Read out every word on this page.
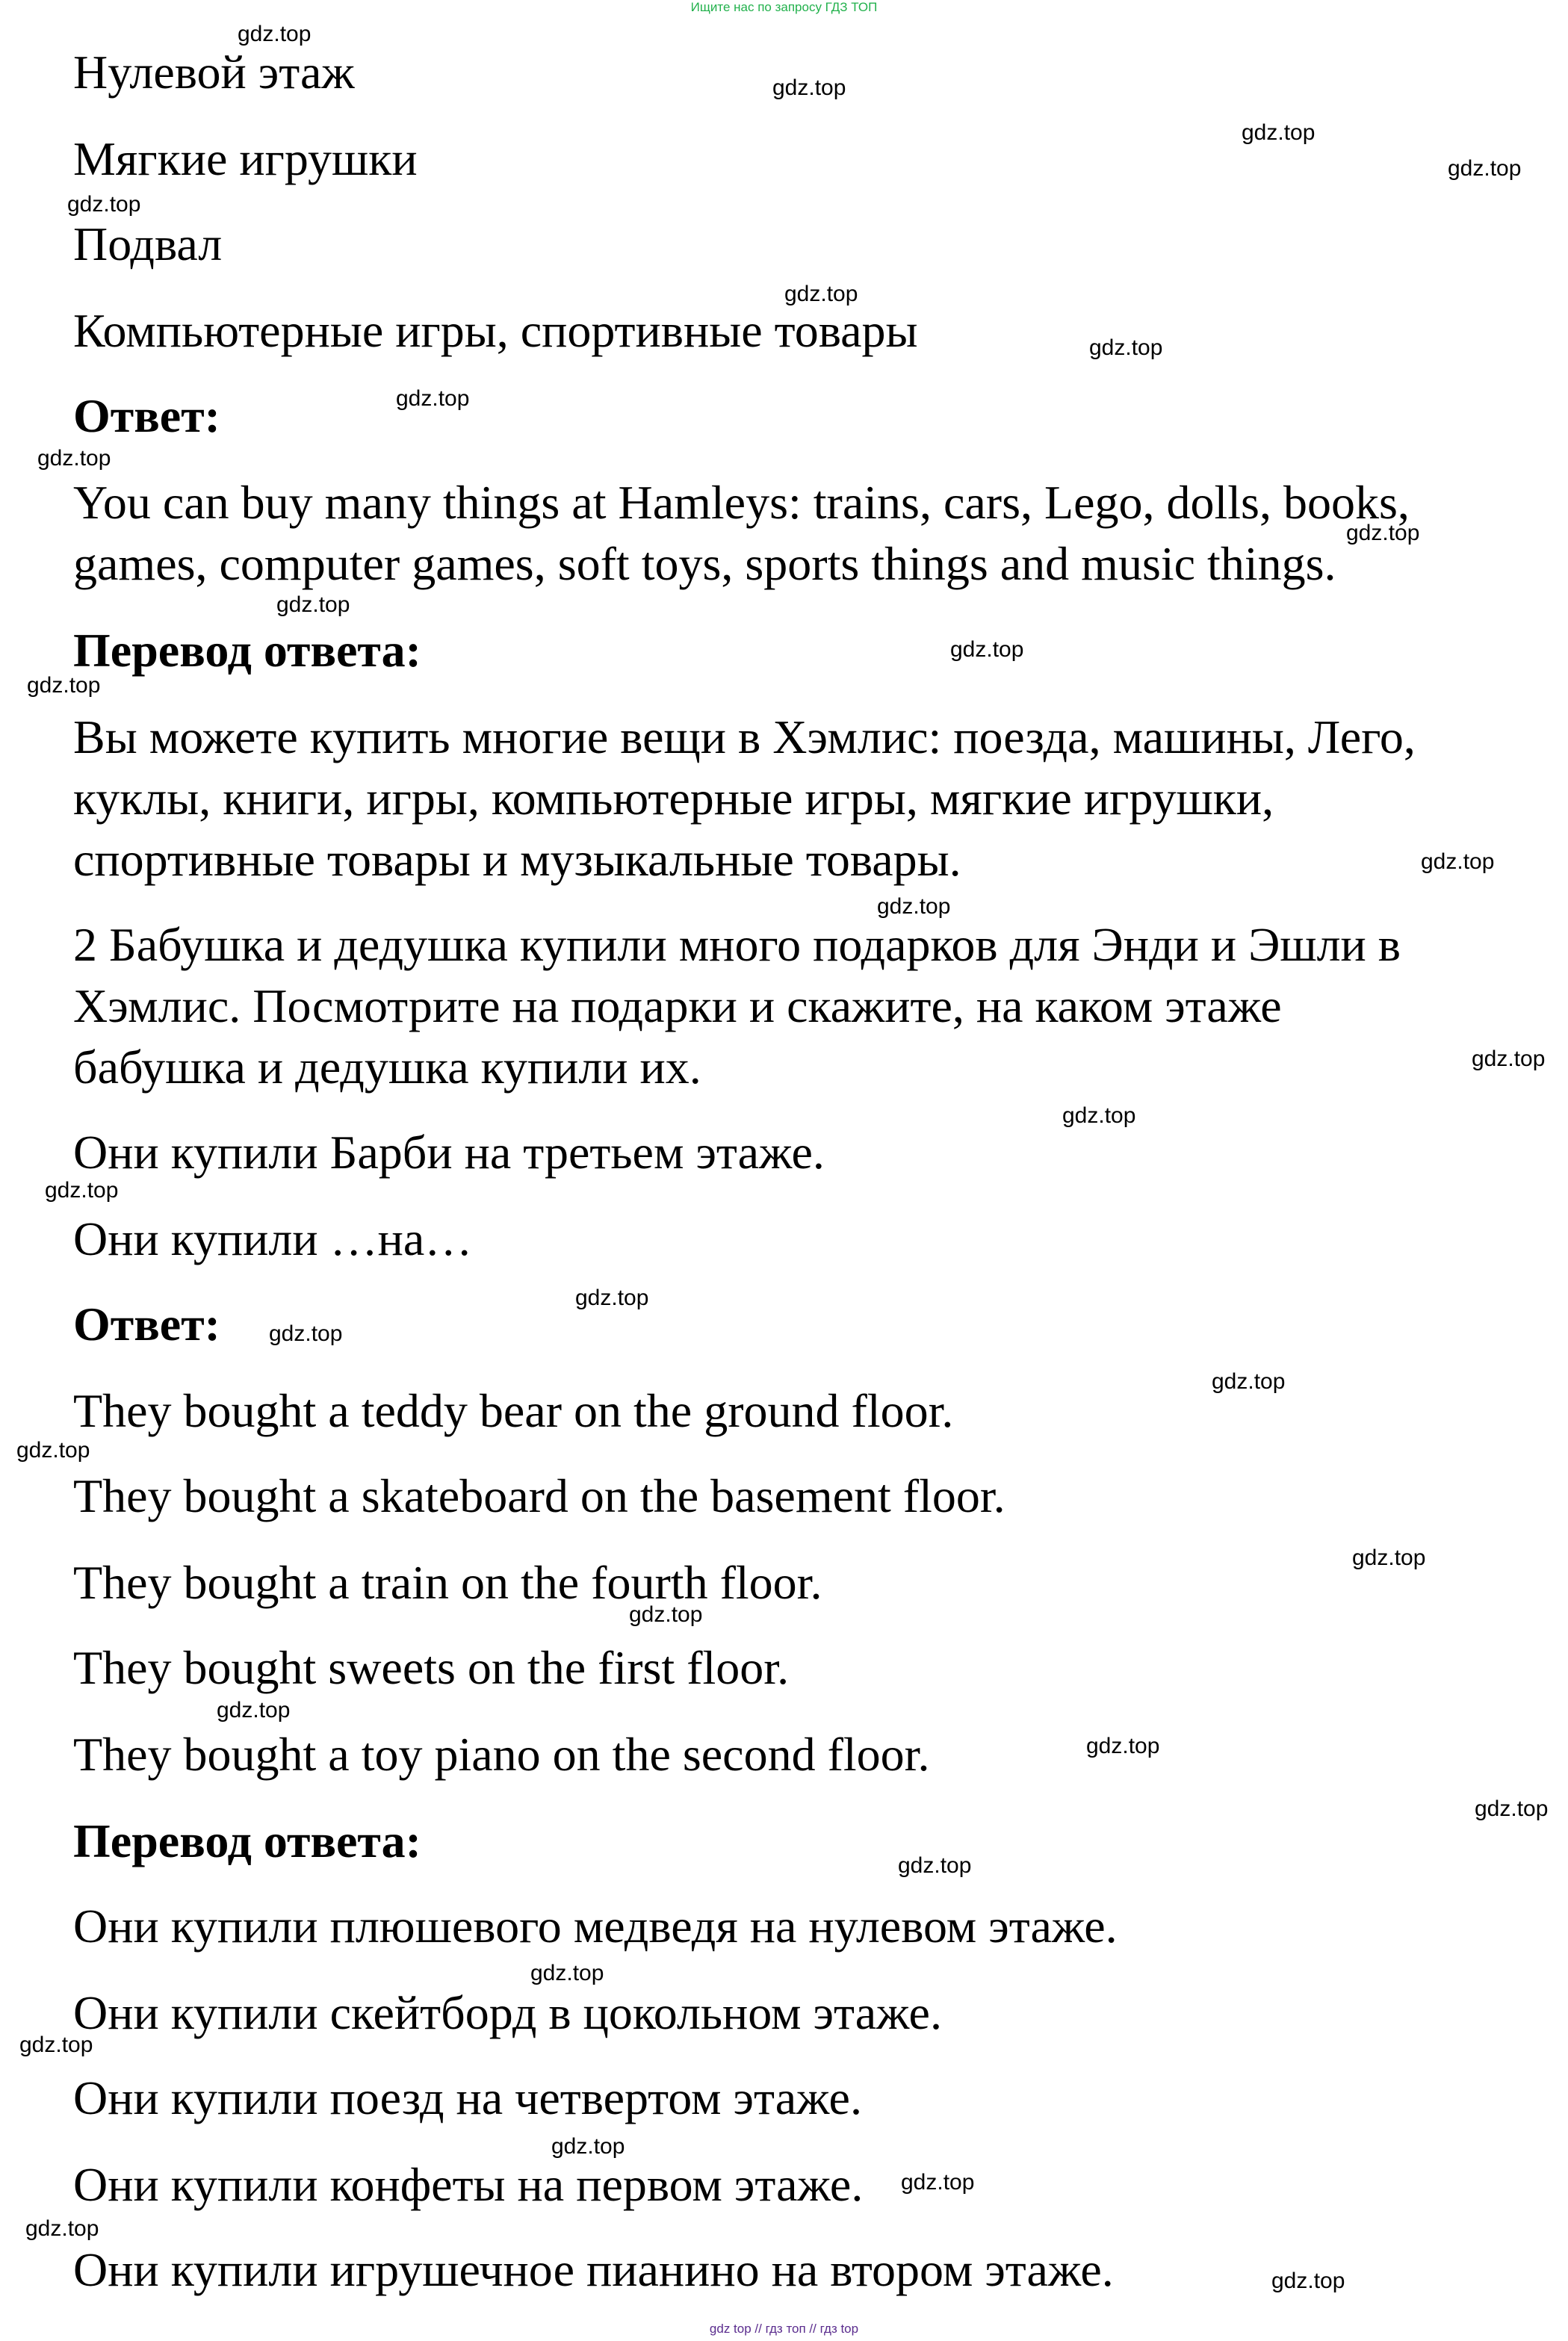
Ищите нас по запросу ГДЗ ТОП

Нулевой этаж

Мягкие игрушки

Подвал

Компьютерные игры, спортивные товары

Ответ:

You can buy many things at Hamleys: trains, cars, Lego, dolls, books,

games, computer games, soft toys, sports things and music things.

Перевод ответа:

Вы можете купить многие вещи в Хэмлис: поезда, машины, Лего,

куклы, книги, игры, компьютерные игры, мягкие игрушки,

спортивные товары и музыкальные товары.

2 Бабушка и дедушка купили много подарков для Энди и Эшли в

Хэмлис. Посмотрите на подарки и скажите, на каком этаже

бабушка и дедушка купили их.

Они купили Барби на третьем этаже.

Они купили …на…

Ответ:

They bought a teddy bear on the ground floor.

They bought a skateboard on the basement floor.

They bought a train on the fourth floor.

They bought sweets on the first floor.

They bought a toy piano on the second floor.

Перевод ответа:

Они купили плюшевого медведя на нулевом этаже.

Они купили скейтборд в цокольном этаже.

Они купили поезд на четвертом этаже.

Они купили конфеты на первом этаже.

Они купили игрушечное пианино на втором этаже.

gdz.top
gdz.top
gdz.top
gdz.top
gdz.top
gdz.top
gdz.top
gdz.top
gdz.top
gdz.top
gdz.top
gdz.top
gdz.top
gdz.top
gdz.top
gdz.top
gdz.top
gdz.top
gdz.top
gdz.top
gdz.top
gdz.top
gdz.top
gdz.top
gdz.top
gdz.top
gdz.top
gdz.top
gdz.top
gdz.top
gdz.top
gdz.top
gdz.top
gdz.top
gdz top // гдз топ // гдз top
